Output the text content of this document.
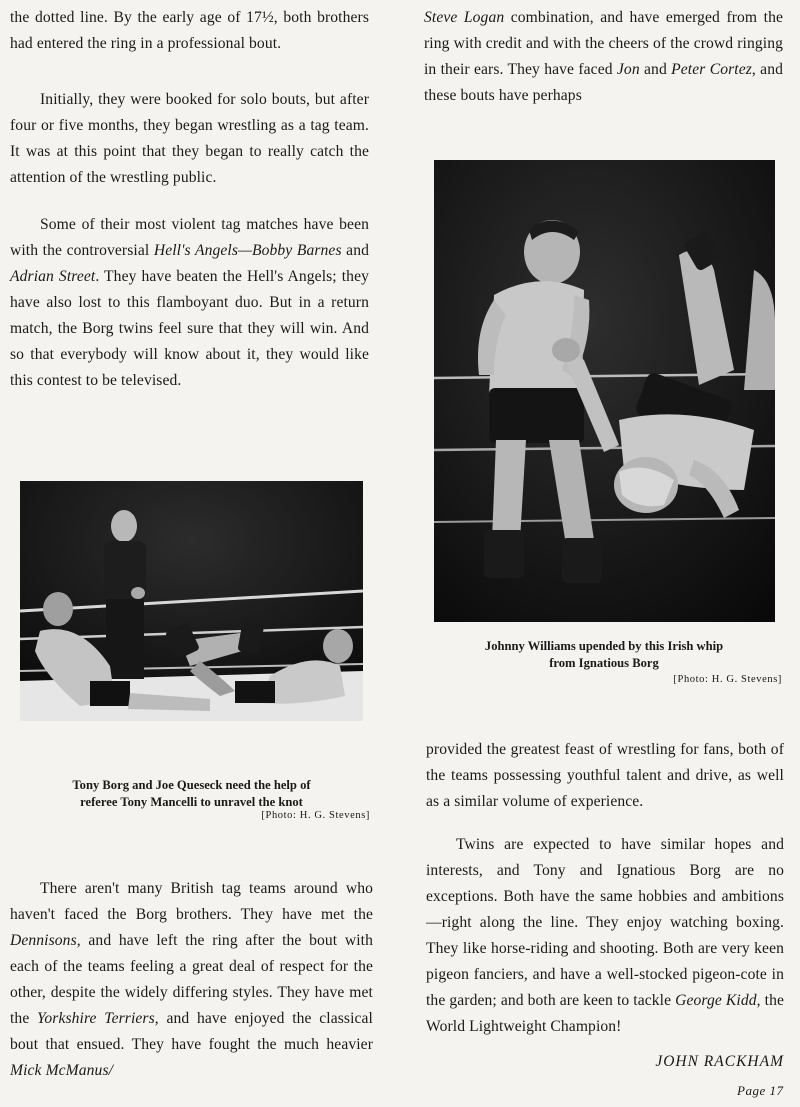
the dotted line. By the early age of 17½, both brothers had entered the ring in a professional bout.

Initially, they were booked for solo bouts, but after four or five months, they began wrestling as a tag team. It was at this point that they began to really catch the attention of the wrestling public.

Some of their most violent tag matches have been with the controversial Hell's Angels—Bobby Barnes and Adrian Street. They have beaten the Hell's Angels; they have also lost to this flamboyant duo. But in a return match, the Borg twins feel sure that they will win. And so that everybody will know about it, they would like this contest to be televised.

Tony Borg and Joe Queseck need the help of
referee Tony Mancelli to unravel the knot

[Photo: H. G. Stevens]

There aren't many British tag teams around who haven't faced the Borg brothers. They have met the Dennisons, and have left the ring after the bout with each of the teams feeling a great deal of respect for the other, despite the widely differing styles. They have met the Yorkshire Terriers, and have enjoyed the classical bout that ensued. They have fought the much heavier Mick McManus/

Steve Logan combination, and have emerged from the ring with credit and with the cheers of the crowd ringing in their ears. They have faced Jon and Peter Cortez, and these bouts have perhaps

Johnny Williams upended by this Irish whip
from Ignatious Borg

[Photo: H. G. Stevens]

provided the greatest feast of wrestling for fans, both of the teams possessing youthful talent and drive, as well as a similar volume of experience.

Twins are expected to have similar hopes and interests, and Tony and Ignatious Borg are no exceptions. Both have the same hobbies and ambitions—right along the line. They enjoy watching boxing. They like horse-riding and shooting. Both are very keen pigeon fanciers, and have a well-stocked pigeon-cote in the garden; and both are keen to tackle George Kidd, the World Lightweight Champion!

JOHN RACKHAM

Page 17
